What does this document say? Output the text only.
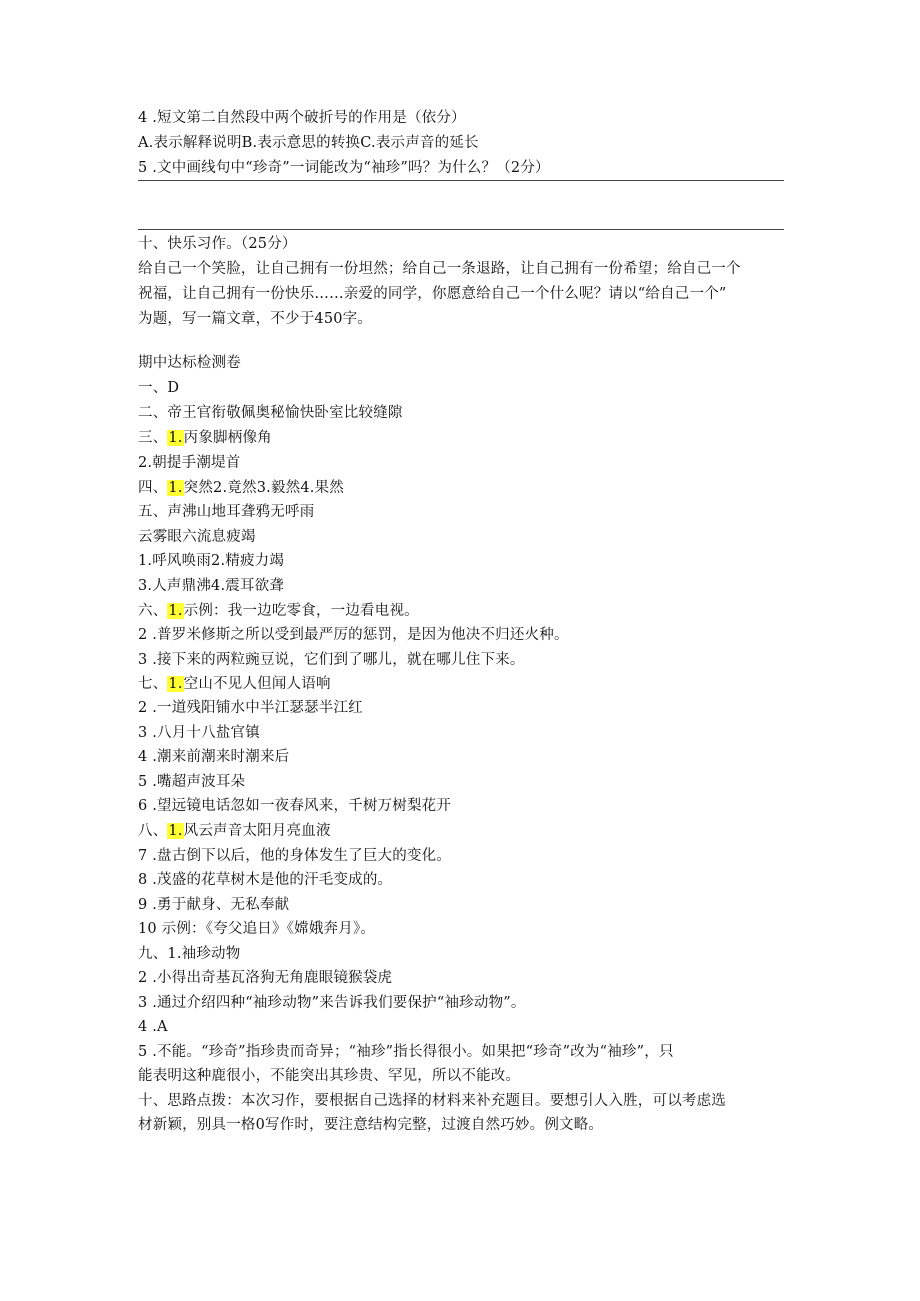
4 .短文第二自然段中两个破折号的作用是（依分）
A.表示解释说明B.表示意思的转换C.表示声音的延长
5 .文中画线句中“珍奇”一词能改为“袖珍”吗？为什么？（2分）
十、快乐习作。（25分）
给自己一个笑脸，让自己拥有一份坦然；给自己一条退路，让自己拥有一份希望；给自己一个
祝福，让自己拥有一份快乐……亲爱的同学，你愿意给自己一个什么呢？请以“给自己一个”
为题，写一篇文章，不少于450字。
期中达标检测卷
一、D
二、帝王官衔敬佩奥秘愉快卧室比较缝隙
三、1.丙象脚柄像角
2.朝提手潮堤首
四、1.突然2.竟然3.毅然4.果然
五、声沸山地耳聋鸦无呼雨
云雾眼六流息疲竭
1.呼风唤雨2.精疲力竭
3.人声鼎沸4.震耳欲聋
六、1.示例：我一边吃零食，一边看电视。
2 .普罗米修斯之所以受到最严厉的惩罚，是因为他决不归还火种。
3 .接下来的两粒豌豆说，它们到了哪儿，就在哪儿住下来。
七、1.空山不见人但闻人语响
2 .一道残阳铺水中半江瑟瑟半江红
3 .八月十八盐官镇
4 .潮来前潮来时潮来后
5 .嘴超声波耳朵
6 .望远镜电话忽如一夜春风来，千树万树梨花开
八、1.风云声音太阳月亮血液
7 .盘古倒下以后，他的身体发生了巨大的变化。
8 .茂盛的花草树木是他的汗毛变成的。
9 .勇于献身、无私奉献
10 示例：《夸父追日》《嫦娥奔月》。
九、1.袖珍动物
2 .小得出奇基瓦洛狗无角鹿眼镜猴袋虎
3 .通过介绍四种“袖珍动物”来告诉我们要保护“袖珍动物”。
4 .A
5 .不能。“珍奇”指珍贵而奇异；“袖珍”指长得很小。如果把“珍奇”改为“袖珍”，只
能表明这种鹿很小，不能突出其珍贵、罕见，所以不能改。
十、思路点拨：本次习作，要根据自己选择的材料来补充题目。要想引人入胜，可以考虑选
材新颖，别具一格0写作时，要注意结构完整，过渡自然巧妙。例文略。
